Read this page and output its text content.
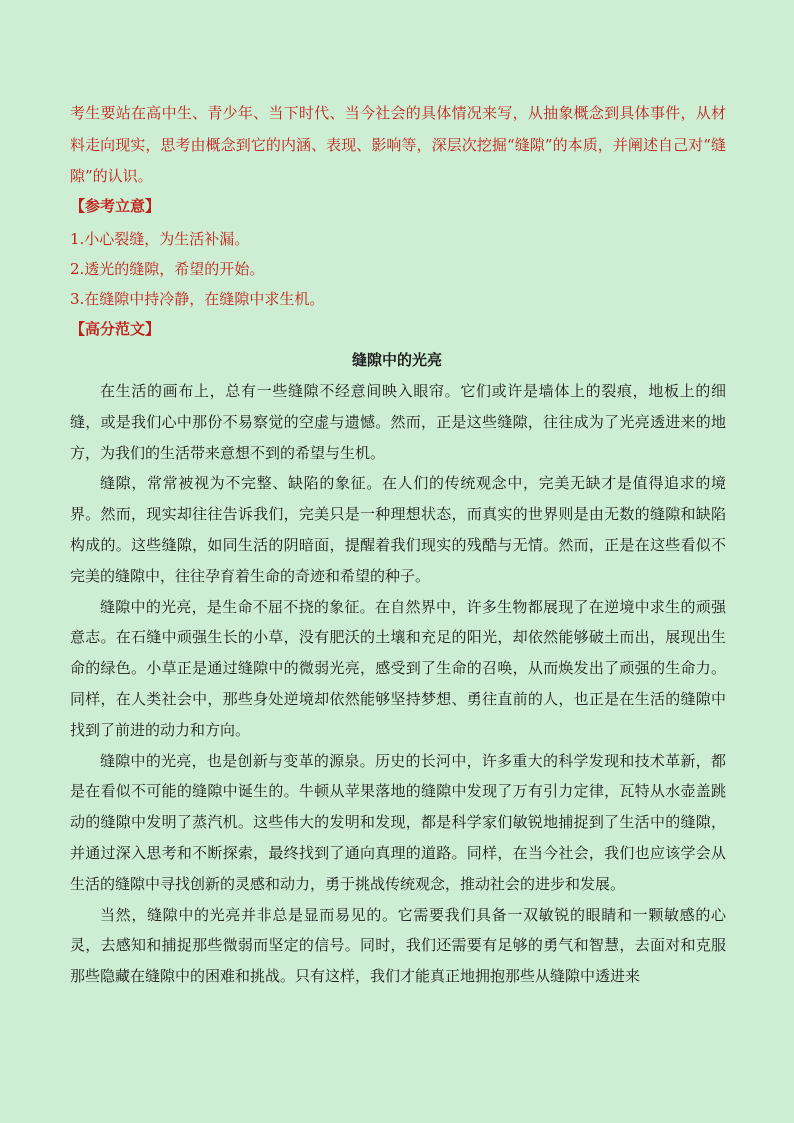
考生要站在高中生、青少年、当下时代、当今社会的具体情况来写，从抽象概念到具体事件，从材料走向现实，思考由概念到它的内涵、表现、影响等，深层次挖掘“缝隙”的本质，并阐述自己对“缝隙”的认识。
【参考立意】
1.小心裂缝，为生活补漏。
2.透光的缝隙，希望的开始。
3.在缝隙中持冷静，在缝隙中求生机。
【高分范文】
缝隙中的光亮

在生活的画布上，总有一些缝隙不经意间映入眼帘。它们或许是墙体上的裂痕，地板上的细缝，或是我们心中那份不易察觉的空虚与遗憾。然而，正是这些缝隙，往往成为了光亮透进来的地方，为我们的生活带来意想不到的希望与生机。

缝隙，常常被视为不完整、缺陷的象征。在人们的传统观念中，完美无缺才是值得追求的境界。然而，现实却往往告诉我们，完美只是一种理想状态，而真实的世界则是由无数的缝隙和缺陷构成的。这些缝隙，如同生活的阴暗面，提醒着我们现实的残酷与无情。然而，正是在这些看似不完美的缝隙中，往往孕育着生命的奇迹和希望的种子。

缝隙中的光亮，是生命不屈不挠的象征。在自然界中，许多生物都展现了在逆境中求生的顽强意志。在石缝中顽强生长的小草，没有肥沃的土壤和充足的阳光，却依然能够破土而出，展现出生命的绿色。小草正是通过缝隙中的微弱光亮，感受到了生命的召唤，从而焕发出了顽强的生命力。同样，在人类社会中，那些身处逆境却依然能够坚持梦想、勇往直前的人，也正是在生活的缝隙中找到了前进的动力和方向。

缝隙中的光亮，也是创新与变革的源泉。历史的长河中，许多重大的科学发现和技术革新，都是在看似不可能的缝隙中诞生的。牛顿从苹果落地的缝隙中发现了万有引力定律，瓦特从水壶盖跳动的缝隙中发明了蒸汽机。这些伟大的发明和发现，都是科学家们敏锐地捕捉到了生活中的缝隙，并通过深入思考和不断探索，最终找到了通向真理的道路。同样，在当今社会，我们也应该学会从生活的缝隙中寻找创新的灵感和动力，勇于挑战传统观念，推动社会的进步和发展。

当然，缝隙中的光亮并非总是显而易见的。它需要我们具备一双敏锐的眼睛和一颗敏感的心灵，去感知和捕捉那些微弱而坚定的信号。同时，我们还需要有足够的勇气和智慧，去面对和克服那些隐藏在缝隙中的困难和挑战。只有这样，我们才能真正地拥抱那些从缝隙中透进来
